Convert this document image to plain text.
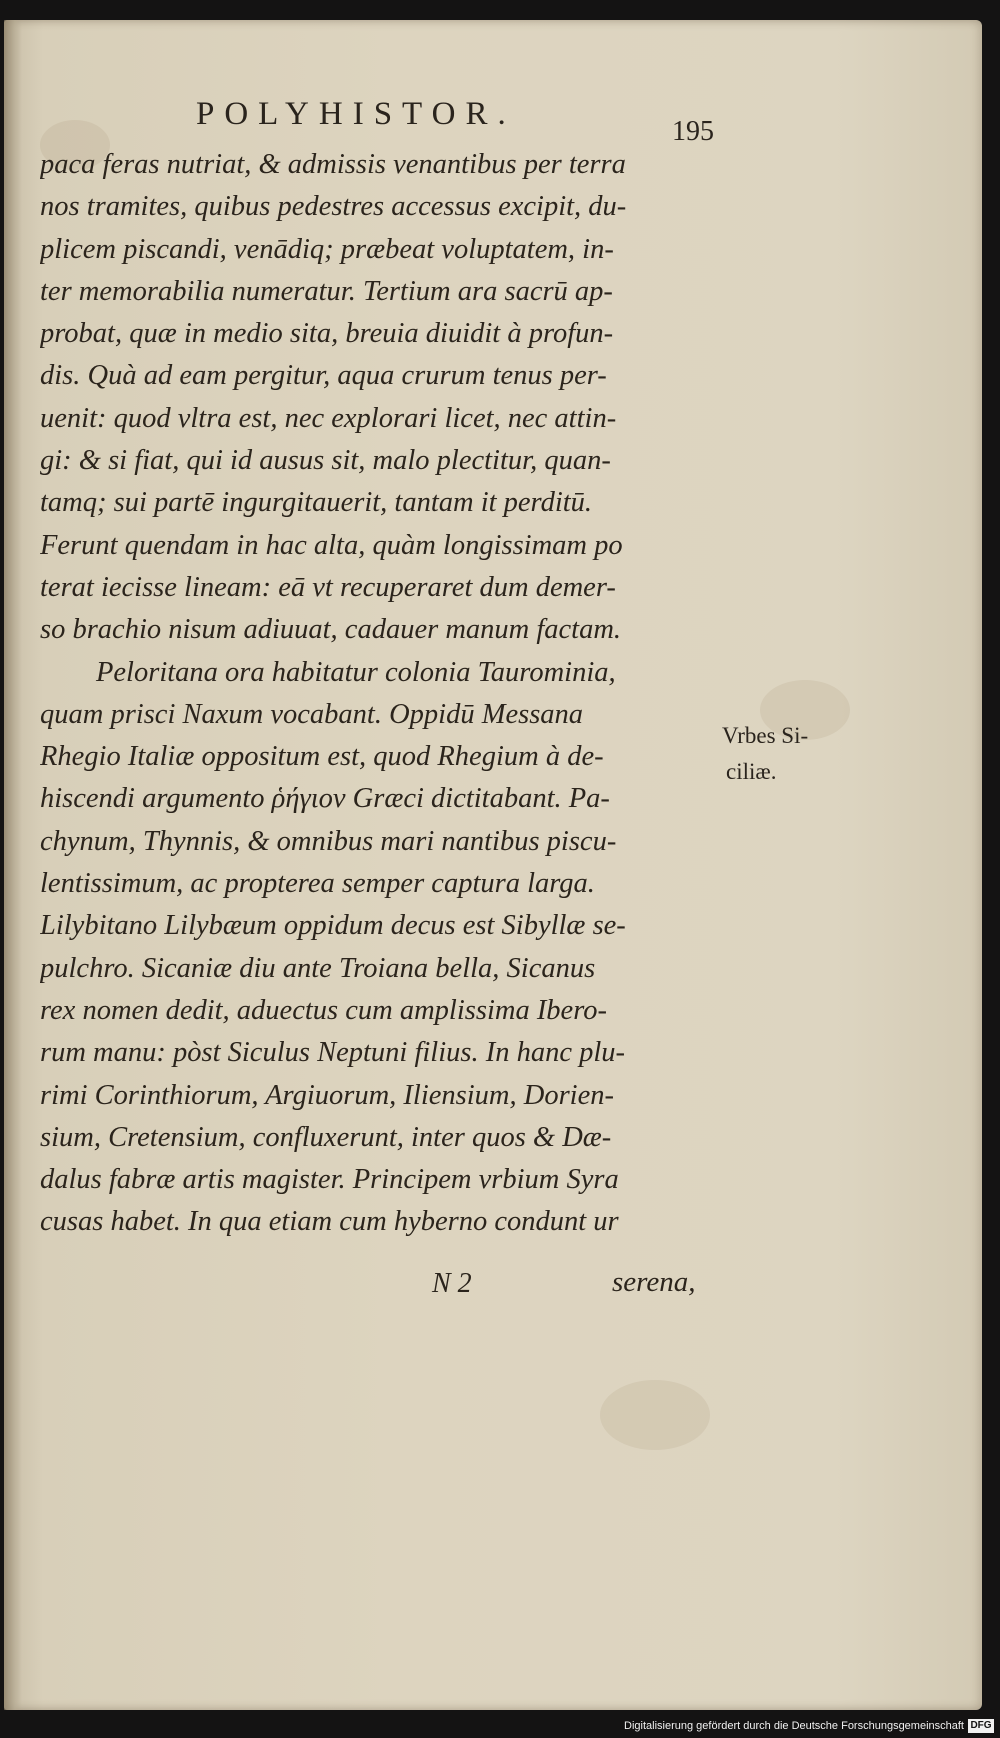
POLYHISTOR.	195
paca feras nutriat, & admissis venantibus per terra
nos tramites, quibus pedestres accessus excipit, du-
plicem piscandi, venādiq; præbeat voluptatem, in-
ter memorabilia numeratur. Tertium ara sacrū ap-
probat, quæ in medio sita, breuia diuidit à profun-
dis. Quà ad eam pergitur, aqua crurum tenus per-
uenit: quod vltra est, nec explorari licet, nec attin-
gi: & si fiat, qui id ausus sit, malo plectitur, quan-
tamq; sui partē ingurgitauerit, tantam it perditū.
Ferunt quendam in hac alta, quàm longissimam po
terat iecisse lineam: eā vt recuperaret dum demer-
so brachio nisum adiuuat, cadauer manum factam.
Peloritana ora habitatur colonia Taurominia,
quam prisci Naxum vocabant. Oppidū Messana
Rhegio Italiæ oppositum est, quod Rhegium à de-
hiscendi argumento ῥήγιον Græci dictitabant. Pa-
chynum, Thynnis, & omnibus mari nantibus piscu-
lentissimum, ac propterea semper captura larga.
Lilybitano Lilybæum oppidum decus est Sibyllæ se-
pulchro. Sicaniæ diu ante Troiana bella, Sicanus
rex nomen dedit, aduectus cum amplissima Ibero-
rum manu: pòst Siculus Neptuni filius. In hanc plu-
rimi Corinthiorum, Argiuorum, Iliensium, Dorien-
sium, Cretensium, confluxerunt, inter quos & Dæ-
dalus fabræ artis magister. Principem vrbium Syra
cusas habet. In qua etiam cum hyberno condunt ur
Vrbes Si-
ciliæ.
N 2	serena,
Digitalisierung gefördert durch die Deutsche Forschungsgemeinschaft DFG
